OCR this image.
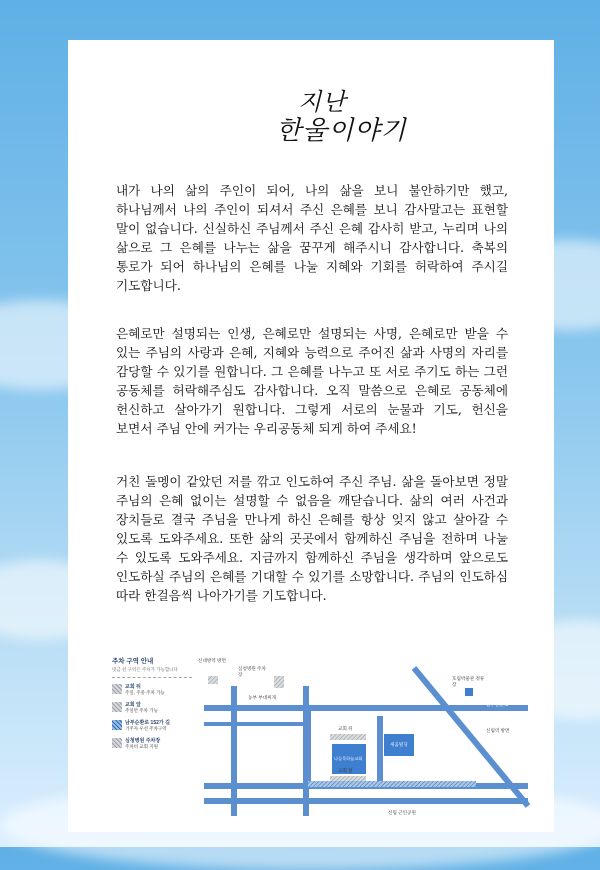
지난
한울이야기

내가 나의 삶의 주인이 되어, 나의 삶을 보니 불안하기만 했고, 하나님께서 나의 주인이 되셔서 주신 은혜를 보니 감사말고는 표현할 말이 없습니다. 신실하신 주님께서 주신 은혜 감사히 받고, 누리며 나의 삶으로 그 은혜를 나누는 삶을 꿈꾸게 해주시니 감사합니다. 축복의 통로가 되어 하나님의 은혜를 나눌 지혜와 기회를 허락하여 주시길 기도합니다.

은혜로만 설명되는 인생, 은혜로만 설명되는 사명, 은혜로만 받을 수 있는 주님의 사랑과 은혜, 지혜와 능력으로 주어진 삶과 사명의 자리를 감당할 수 있기를 원합니다. 그 은혜를 나누고 또 서로 주기도 하는 그런 공동체를 허락해주심도 감사합니다. 오직 말씀으로 은혜로 공동체에 헌신하고 살아가기 원합니다. 그렇게 서로의 눈물과 기도, 헌신을 보면서 주님 안에 커가는 우리공동체 되게 하여 주세요!

거친 돌멩이 같았던 저를 깎고 인도하여 주신 주님. 삶을 돌아보면 정말 주님의 은혜 없이는 설명할 수 없음을 깨닫습니다. 삶의 여러 사건과 장치들로 결국 주님을 만나게 하신 은혜를 항상 잊지 않고 살아갈 수 있도록 도와주세요. 또한 삶의 곳곳에서 함께하신 주님을 전하며 나눌 수 있도록 도와주세요. 지금까지 함께하신 주님을 생각하며 앞으로도 인도하실 주님의 은혜를 기대할 수 있기를 소망합니다. 주님의 인도하심 따라 한걸음씩 나아가기를 기도합니다.

주차 구역 안내
빗금 친 구역은 주차가 가능합니다
교회 뒤
주일, 주중 주차 가능
교회 앞
주일만 주차 가능
남부순환로 152가 길
거주자 우선 주차구역
심청병원 주차장
주차비 교회 지원
신대방역 방면
심청병원 주차장
농부 부대찌개
호림박물관 정류장
남부순환로
신림역 방면
교회 뒤
나들목하늘교회
교회 앞
새움빌딩
신림 근린공원
난곡로
